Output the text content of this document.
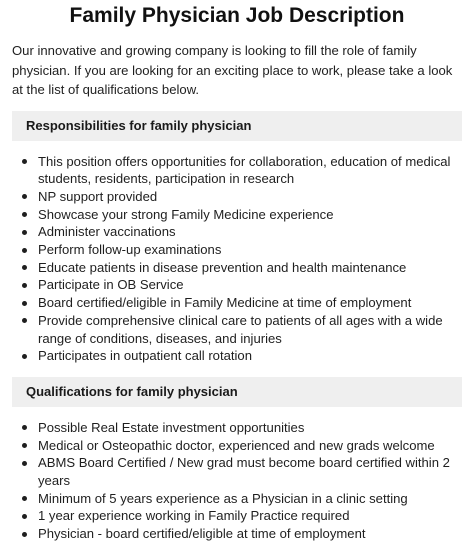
Family Physician Job Description

Our innovative and growing company is looking to fill the role of family physician. If you are looking for an exciting place to work, please take a look at the list of qualifications below.

Responsibilities for family physician
This position offers opportunities for collaboration, education of medical students, residents, participation in research
NP support provided
Showcase your strong Family Medicine experience
Administer vaccinations
Perform follow-up examinations
Educate patients in disease prevention and health maintenance
Participate in OB Service
Board certified/eligible in Family Medicine at time of employment
Provide comprehensive clinical care to patients of all ages with a wide range of conditions, diseases, and injuries
Participates in outpatient call rotation
Qualifications for family physician
Possible Real Estate investment opportunities
Medical or Osteopathic doctor, experienced and new grads welcome
ABMS Board Certified / New grad must become board certified within 2 years
Minimum of 5 years experience as a Physician in a clinic setting
1 year experience working in Family Practice required
Physician - board certified/eligible at time of employment
